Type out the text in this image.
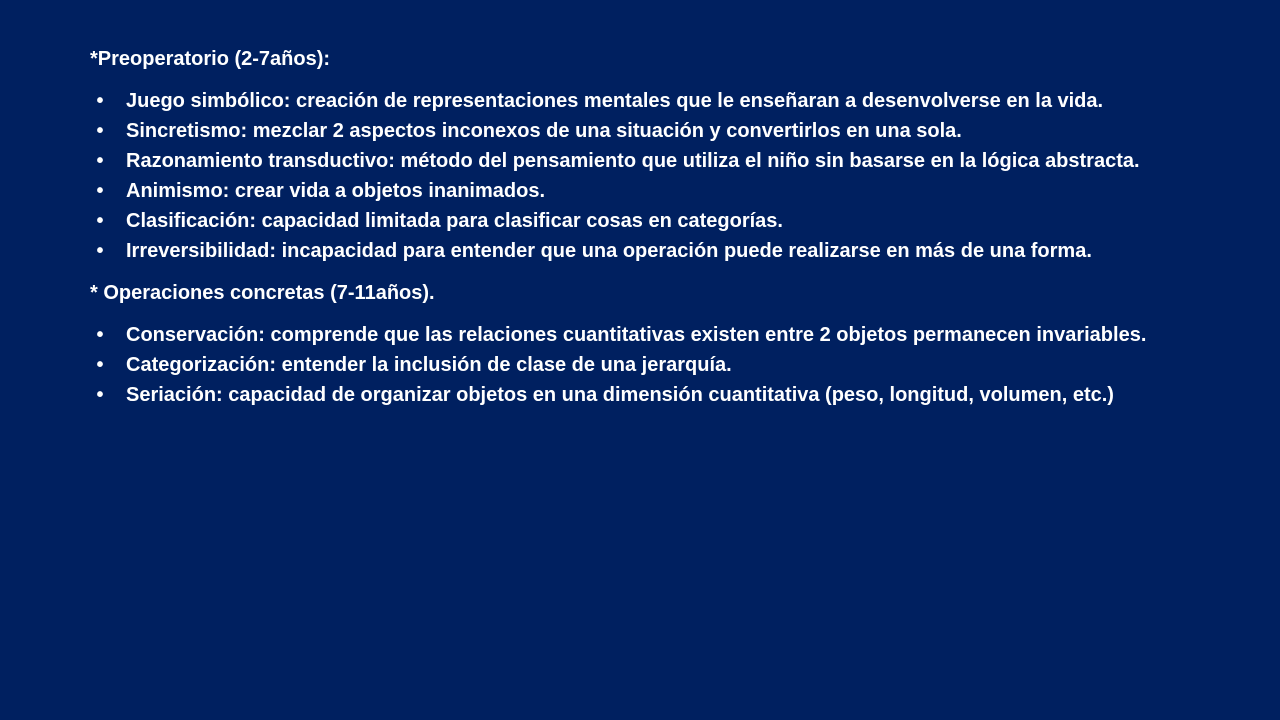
*Preoperatorio (2-7años):

•	Juego simbólico: creación de representaciones mentales que le enseñaran a desenvolverse en la vida.
•	Sincretismo: mezclar 2 aspectos inconexos de una situación y convertirlos en una sola.
•	Razonamiento transductivo: método del pensamiento que utiliza el niño sin basarse en la lógica abstracta.
•	Animismo: crear vida a objetos inanimados.
•	Clasificación: capacidad limitada para clasificar cosas en categorías.
•	Irreversibilidad: incapacidad para entender que una operación puede realizarse en más de una forma.

* Operaciones concretas (7-11años).

•	Conservación: comprende que las relaciones cuantitativas existen entre 2 objetos permanecen invariables.
•	Categorización: entender la inclusión de clase de una jerarquía.
•	Seriación: capacidad de organizar objetos en una dimensión cuantitativa (peso, longitud, volumen, etc.)
